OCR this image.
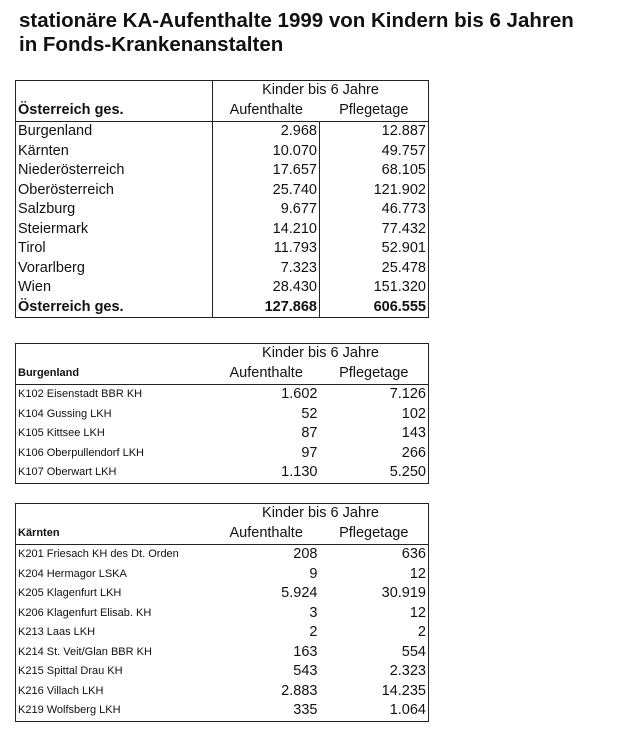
stationäre KA-Aufenthalte 1999 von Kindern bis 6 Jahren
in Fonds-Krankenanstalten
	Kinder bis 6 Jahre	
Österreich ges.	Aufenthalte	Pflegetage
Burgenland	2.968	12.887
Kärnten	10.070	49.757
Niederösterreich	17.657	68.105
Oberösterreich	25.740	121.902
Salzburg	9.677	46.773
Steiermark	14.210	77.432
Tirol	11.793	52.901
Vorarlberg	7.323	25.478
Wien	28.430	151.320
Österreich ges.	127.868	606.555
	Kinder bis 6 Jahre	
Burgenland	Aufenthalte	Pflegetage
K102 Eisenstadt BBR KH	1.602	7.126
K104 Gussing LKH	52	102
K105 Kittsee LKH	87	143
K106 Oberpullendorf LKH	97	266
K107 Oberwart LKH	1.130	5.250
	Kinder bis 6 Jahre	
Kärnten	Aufenthalte	Pflegetage
K201 Friesach KH des Dt. Orden	208	636
K204 Hermagor LSKA	9	12
K205 Klagenfurt LKH	5.924	30.919
K206 Klagenfurt Elisab. KH	3	12
K213 Laas LKH	2	2
K214 St. Veit/Glan BBR KH	163	554
K215 Spittal Drau KH	543	2.323
K216 Villach LKH	2.883	14.235
K219 Wolfsberg LKH	335	1.064
